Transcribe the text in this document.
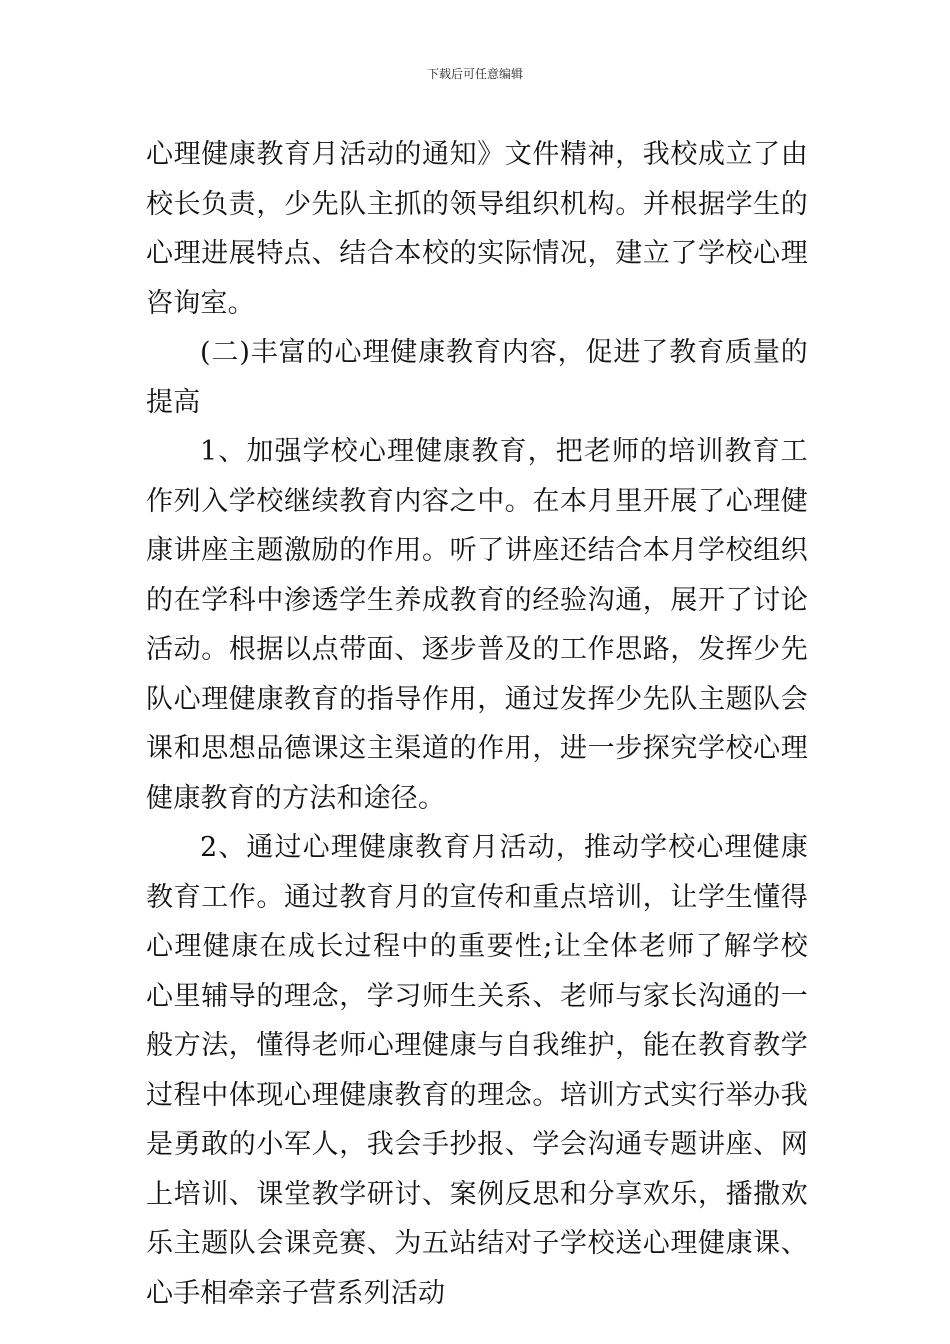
下载后可任意编辑

心理健康教育月活动的通知》文件精神，我校成立了由校长负责，少先队主抓的领导组织机构。并根据学生的心理进展特点、结合本校的实际情况，建立了学校心理咨询室。

(二)丰富的心理健康教育内容，促进了教育质量的提高

1、加强学校心理健康教育，把老师的培训教育工作列入学校继续教育内容之中。在本月里开展了心理健康讲座主题激励的作用。听了讲座还结合本月学校组织的在学科中渗透学生养成教育的经验沟通，展开了讨论活动。根据以点带面、逐步普及的工作思路，发挥少先队心理健康教育的指导作用，通过发挥少先队主题队会课和思想品德课这主渠道的作用，进一步探究学校心理健康教育的方法和途径。

2、通过心理健康教育月活动，推动学校心理健康教育工作。通过教育月的宣传和重点培训，让学生懂得心理健康在成长过程中的重要性;让全体老师了解学校心里辅导的理念，学习师生关系、老师与家长沟通的一般方法，懂得老师心理健康与自我维护，能在教育教学过程中体现心理健康教育的理念。培训方式实行举办我是勇敢的小军人，我会手抄报、学会沟通专题讲座、网上培训、课堂教学研讨、案例反思和分享欢乐，播撒欢乐主题队会课竞赛、为五站结对子学校送心理健康课、心手相牵亲子营系列活动
